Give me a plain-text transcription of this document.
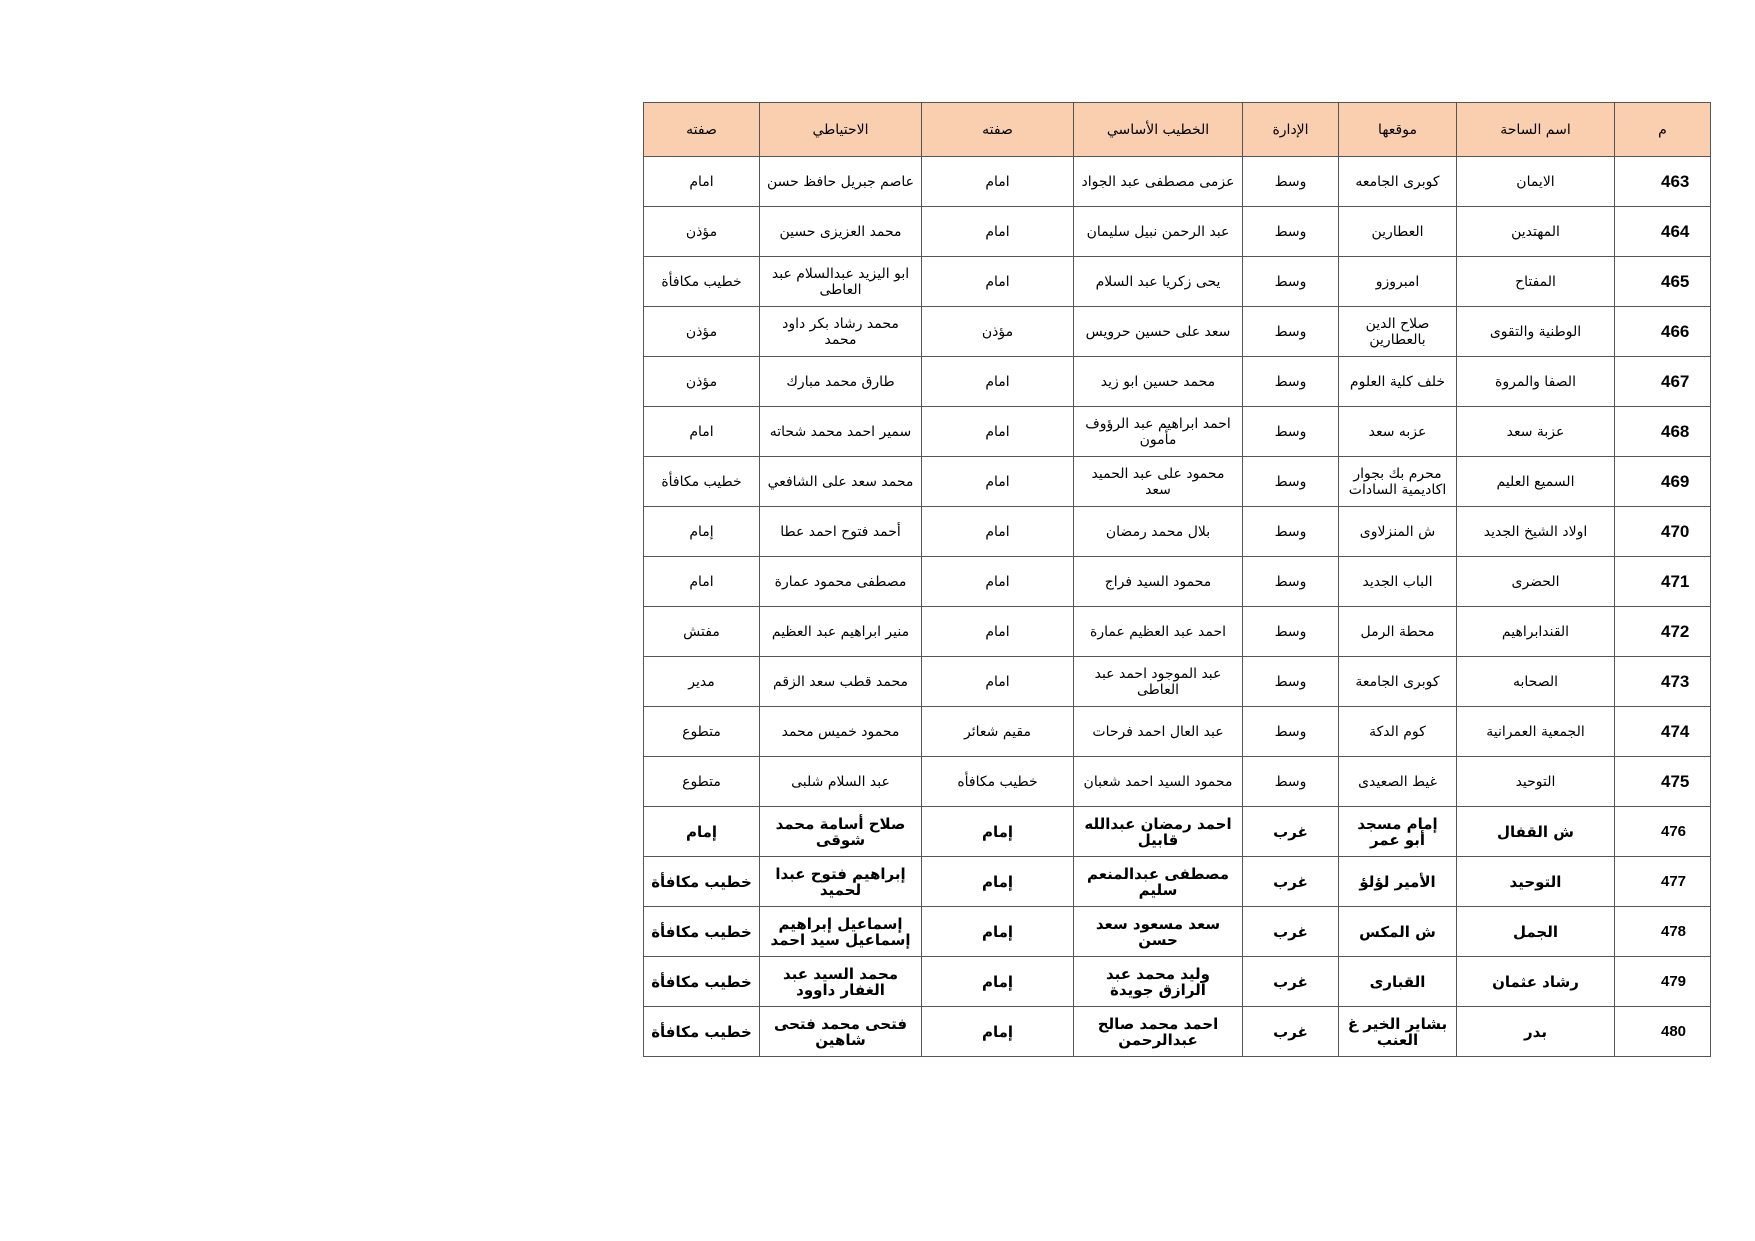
م	اسم الساحة	موقعها	الإدارة	الخطيب الأساسي	صفته	الاحتياطي	صفته
463	الايمان	كوبرى الجامعه	وسط	عزمى مصطفى عبد الجواد	امام	عاصم جبريل حافظ حسن	امام
464	المهتدين	العطارين	وسط	عبد الرحمن نبيل سليمان	امام	محمد العزيزى حسين	مؤذن
465	المفتاح	امبروزو	وسط	يحى زكريا عبد السلام	امام	ابو اليزيد عبدالسلام عبد العاطى	خطيب مكافأة
466	الوطنية والتقوى	صلاح الدين بالعطارين	وسط	سعد على حسين حرويس	مؤذن	محمد رشاد بكر داود محمد	مؤذن
467	الصفا والمروة	خلف كلية العلوم	وسط	محمد حسين ابو زيد	امام	طارق محمد مبارك	مؤذن
468	عزبة سعد	عزبه سعد	وسط	احمد ابراهيم عبد الرؤوف مأمون	امام	سمير احمد محمد شحاته	امام
469	السميع العليم	محرم بك بجوار اكاديمية السادات	وسط	محمود على عبد الحميد سعد	امام	محمد سعد على الشافعي	خطيب مكافأة
470	اولاد الشيخ الجديد	ش المنزلاوى	وسط	بلال محمد رمضان	امام	أحمد فتوح احمد عطا	إمام
471	الحضرى	الباب الجديد	وسط	محمود السيد فراج	امام	مصطفى محمود عمارة	امام
472	القندابراهيم	محطة الرمل	وسط	احمد عبد العظيم عمارة	امام	منير ابراهيم عبد العظيم	مفتش
473	الصحابه	كوبرى الجامعة	وسط	عبد الموجود احمد عبد العاطى	امام	محمد قطب سعد الزقم	مدير
474	الجمعية العمرانية	كوم الدكة	وسط	عبد العال احمد فرحات	مقيم شعائر	محمود خميس محمد	متطوع
475	التوحيد	غيط الصعيدى	وسط	محمود السيد احمد شعبان	خطيب مكافأه	عبد السلام شلبى	متطوع
476	ش القفال	إمام مسجد أبو عمر	غرب	احمد رمضان عبدالله قابيل	إمام	صلاح أسامة محمد شوقى	إمام
477	التوحيد	الأمير لؤلؤ	غرب	مصطفى عبدالمنعم سليم	إمام	إبراهيم فتوح عبدا لحميد	خطيب مكافأة
478	الجمل	ش المكس	غرب	سعد مسعود سعد حسن	إمام	إسماعيل إبراهيم إسماعيل سيد احمد	خطيب مكافأة
479	رشاد عثمان	القبارى	غرب	وليد محمد عبد الرازق جويدة	إمام	محمد السيد عبد الغفار داوود	خطيب مكافأة
480	بدر	بشاير الخير غ العنب	غرب	احمد محمد صالح عبدالرحمن	إمام	فتحى محمد فتحى شاهين	خطيب مكافأة
